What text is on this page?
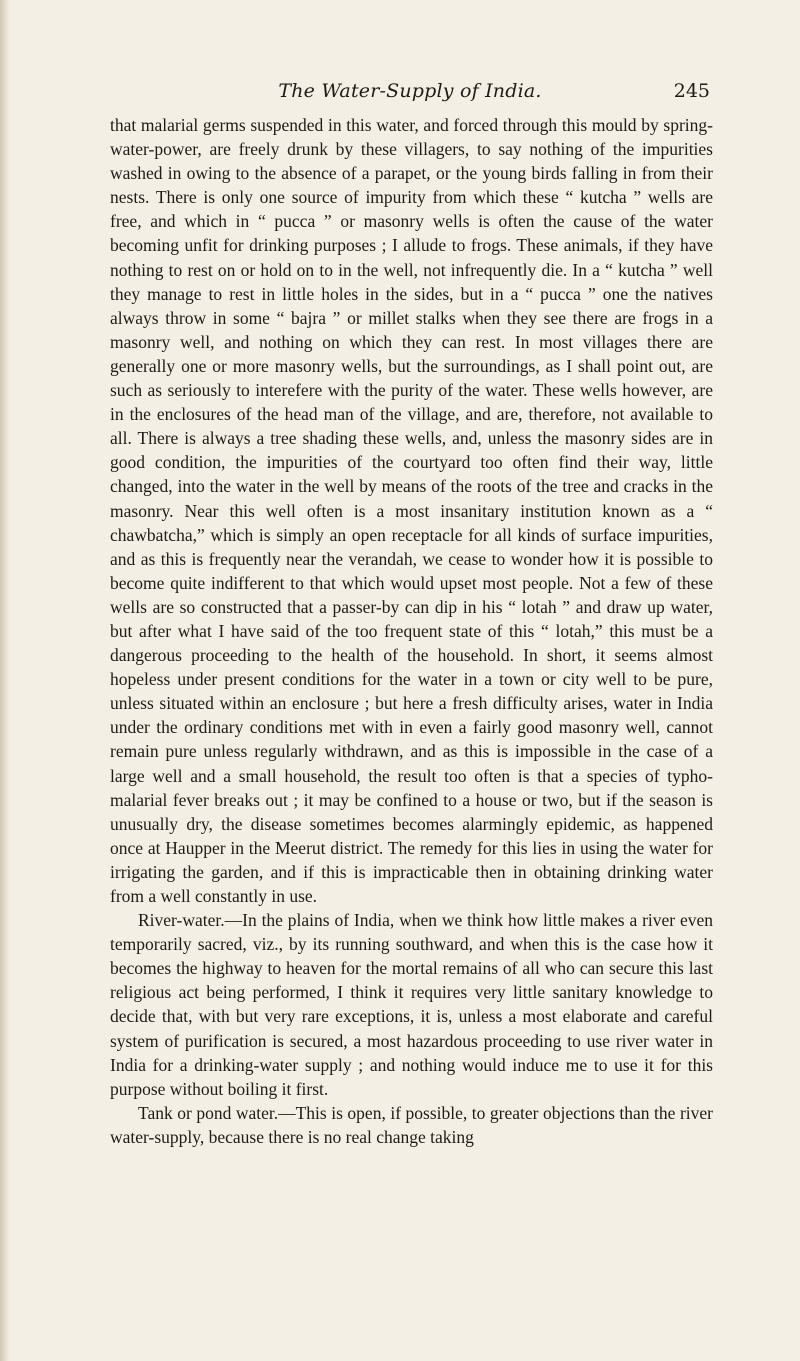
The Water-Supply of India.	245

that malarial germs suspended in this water, and forced through this mould by spring-water-power, are freely drunk by these villagers, to say nothing of the impurities washed in owing to the absence of a parapet, or the young birds falling in from their nests. There is only one source of impurity from which these “ kutcha ” wells are free, and which in “ pucca ” or masonry wells is often the cause of the water becoming unfit for drinking purposes ; I allude to frogs. These animals, if they have nothing to rest on or hold on to in the well, not infrequently die. In a “ kutcha ” well they manage to rest in little holes in the sides, but in a “ pucca ” one the natives always throw in some “ bajra ” or millet stalks when they see there are frogs in a masonry well, and nothing on which they can rest. In most villages there are generally one or more masonry wells, but the surroundings, as I shall point out, are such as seriously to interefere with the purity of the water. These wells however, are in the enclosures of the head man of the village, and are, therefore, not available to all. There is always a tree shading these wells, and, unless the masonry sides are in good condition, the impurities of the courtyard too often find their way, little changed, into the water in the well by means of the roots of the tree and cracks in the masonry. Near this well often is a most insanitary institution known as a “ chawbatcha,” which is simply an open receptacle for all kinds of surface impurities, and as this is frequently near the verandah, we cease to wonder how it is possible to become quite indifferent to that which would upset most people. Not a few of these wells are so constructed that a passer-by can dip in his “ lotah ” and draw up water, but after what I have said of the too frequent state of this “ lotah,” this must be a dangerous proceeding to the health of the household. In short, it seems almost hopeless under present conditions for the water in a town or city well to be pure, unless situated within an enclosure ; but here a fresh difficulty arises, water in India under the ordinary conditions met with in even a fairly good masonry well, cannot remain pure unless regularly withdrawn, and as this is impossible in the case of a large well and a small household, the result too often is that a species of typho-malarial fever breaks out ; it may be confined to a house or two, but if the season is unusually dry, the disease sometimes becomes alarmingly epidemic, as happened once at Haupper in the Meerut district. The remedy for this lies in using the water for irrigating the garden, and if this is impracticable then in obtaining drinking water from a well constantly in use.

River-water.—In the plains of India, when we think how little makes a river even temporarily sacred, viz., by its running southward, and when this is the case how it becomes the highway to heaven for the mortal remains of all who can secure this last religious act being performed, I think it requires very little sanitary knowledge to decide that, with but very rare exceptions, it is, unless a most elaborate and careful system of purification is secured, a most hazardous proceeding to use river water in India for a drinking-water supply ; and nothing would induce me to use it for this purpose without boiling it first.

Tank or pond water.—This is open, if possible, to greater objections than the river water-supply, because there is no real change taking
